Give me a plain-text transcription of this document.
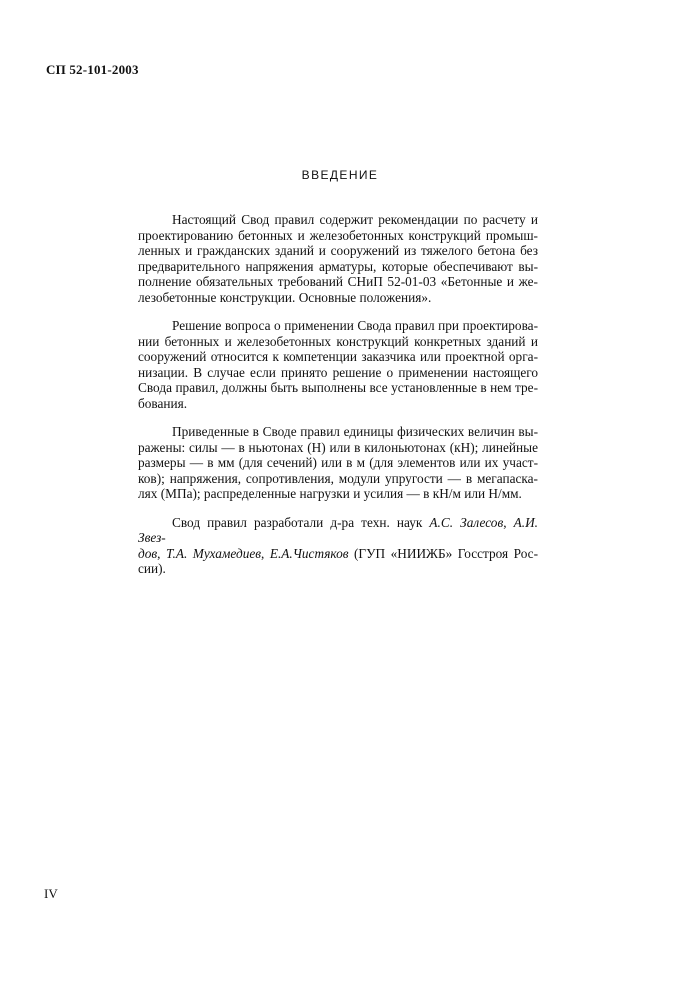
СП 52-101-2003
ВВЕДЕНИЕ

Настоящий Свод правил содержит рекомендации по расчету и
проектированию бетонных и железобетонных конструкций промыш-
ленных и гражданских зданий и сооружений из тяжелого бетона без
предварительного напряжения арматуры, которые обеспечивают вы-
полнение обязательных требований СНиП 52-01-03 «Бетонные и же-
лезобетонные конструкции. Основные положения».

Решение вопроса о применении Свода правил при проектирова-
нии бетонных и железобетонных конструкций конкретных зданий и
сооружений относится к компетенции заказчика или проектной орга-
низации. В случае если принято решение о применении настоящего
Свода правил, должны быть выполнены все установленные в нем тре-
бования.

Приведенные в Своде правил единицы физических величин вы-
ражены: силы — в ньютонах (Н) или в килоньютонах (кН); линейные
размеры — в мм (для сечений) или в м (для элементов или их участ-
ков); напряжения, сопротивления, модули упругости — в мегапаска-
лях (МПа); распределенные нагрузки и усилия — в кН/м или Н/мм.

Свод правил разработали д-ра техн. наук А.С. Залесов, А.И. Звез-
дов, Т.А. Мухамедиев, Е.А.Чистяков (ГУП «НИИЖБ» Госстроя Рос-
сии).

IV
